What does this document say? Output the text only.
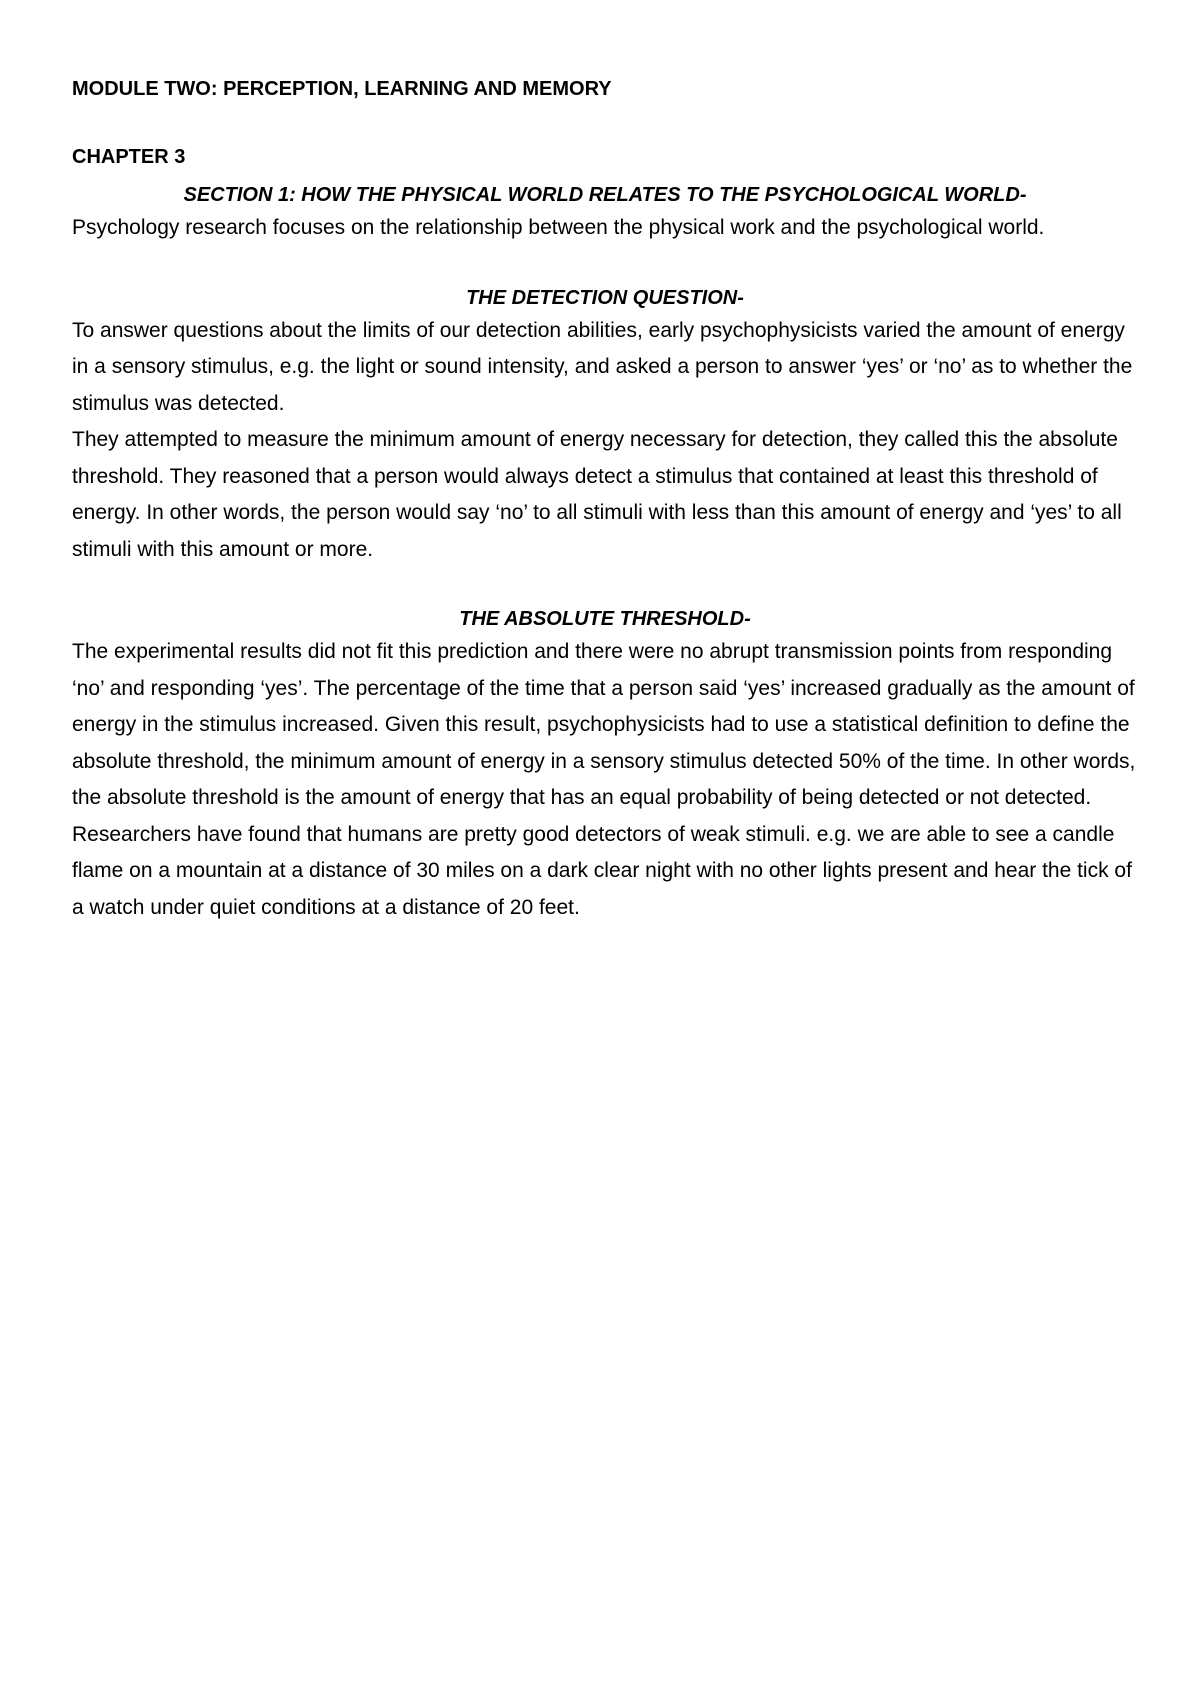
MODULE TWO: PERCEPTION, LEARNING AND MEMORY
CHAPTER 3
SECTION 1: HOW THE PHYSICAL WORLD RELATES TO THE PSYCHOLOGICAL WORLD-

Psychology research focuses on the relationship between the physical work and the psychological world.

THE DETECTION QUESTION-

To answer questions about the limits of our detection abilities, early psychophysicists varied the amount of energy in a sensory stimulus, e.g. the light or sound intensity, and asked a person to answer ‘yes’ or ‘no’ as to whether the stimulus was detected.

They attempted to measure the minimum amount of energy necessary for detection, they called this the absolute threshold. They reasoned that a person would always detect a stimulus that contained at least this threshold of energy. In other words, the person would say ‘no’ to all stimuli with less than this amount of energy and ‘yes’ to all stimuli with this amount or more.

THE ABSOLUTE THRESHOLD-

The experimental results did not fit this prediction and there were no abrupt transmission points from responding ‘no’ and responding ‘yes’. The percentage of the time that a person said ‘yes’ increased gradually as the amount of energy in the stimulus increased. Given this result, psychophysicists had to use a statistical definition to define the absolute threshold, the minimum amount of energy in a sensory stimulus detected 50% of the time. In other words, the absolute threshold is the amount of energy that has an equal probability of being detected or not detected. Researchers have found that humans are pretty good detectors of weak stimuli. e.g. we are able to see a candle flame on a mountain at a distance of 30 miles on a dark clear night with no other lights present and hear the tick of a watch under quiet conditions at a distance of 20 feet.
